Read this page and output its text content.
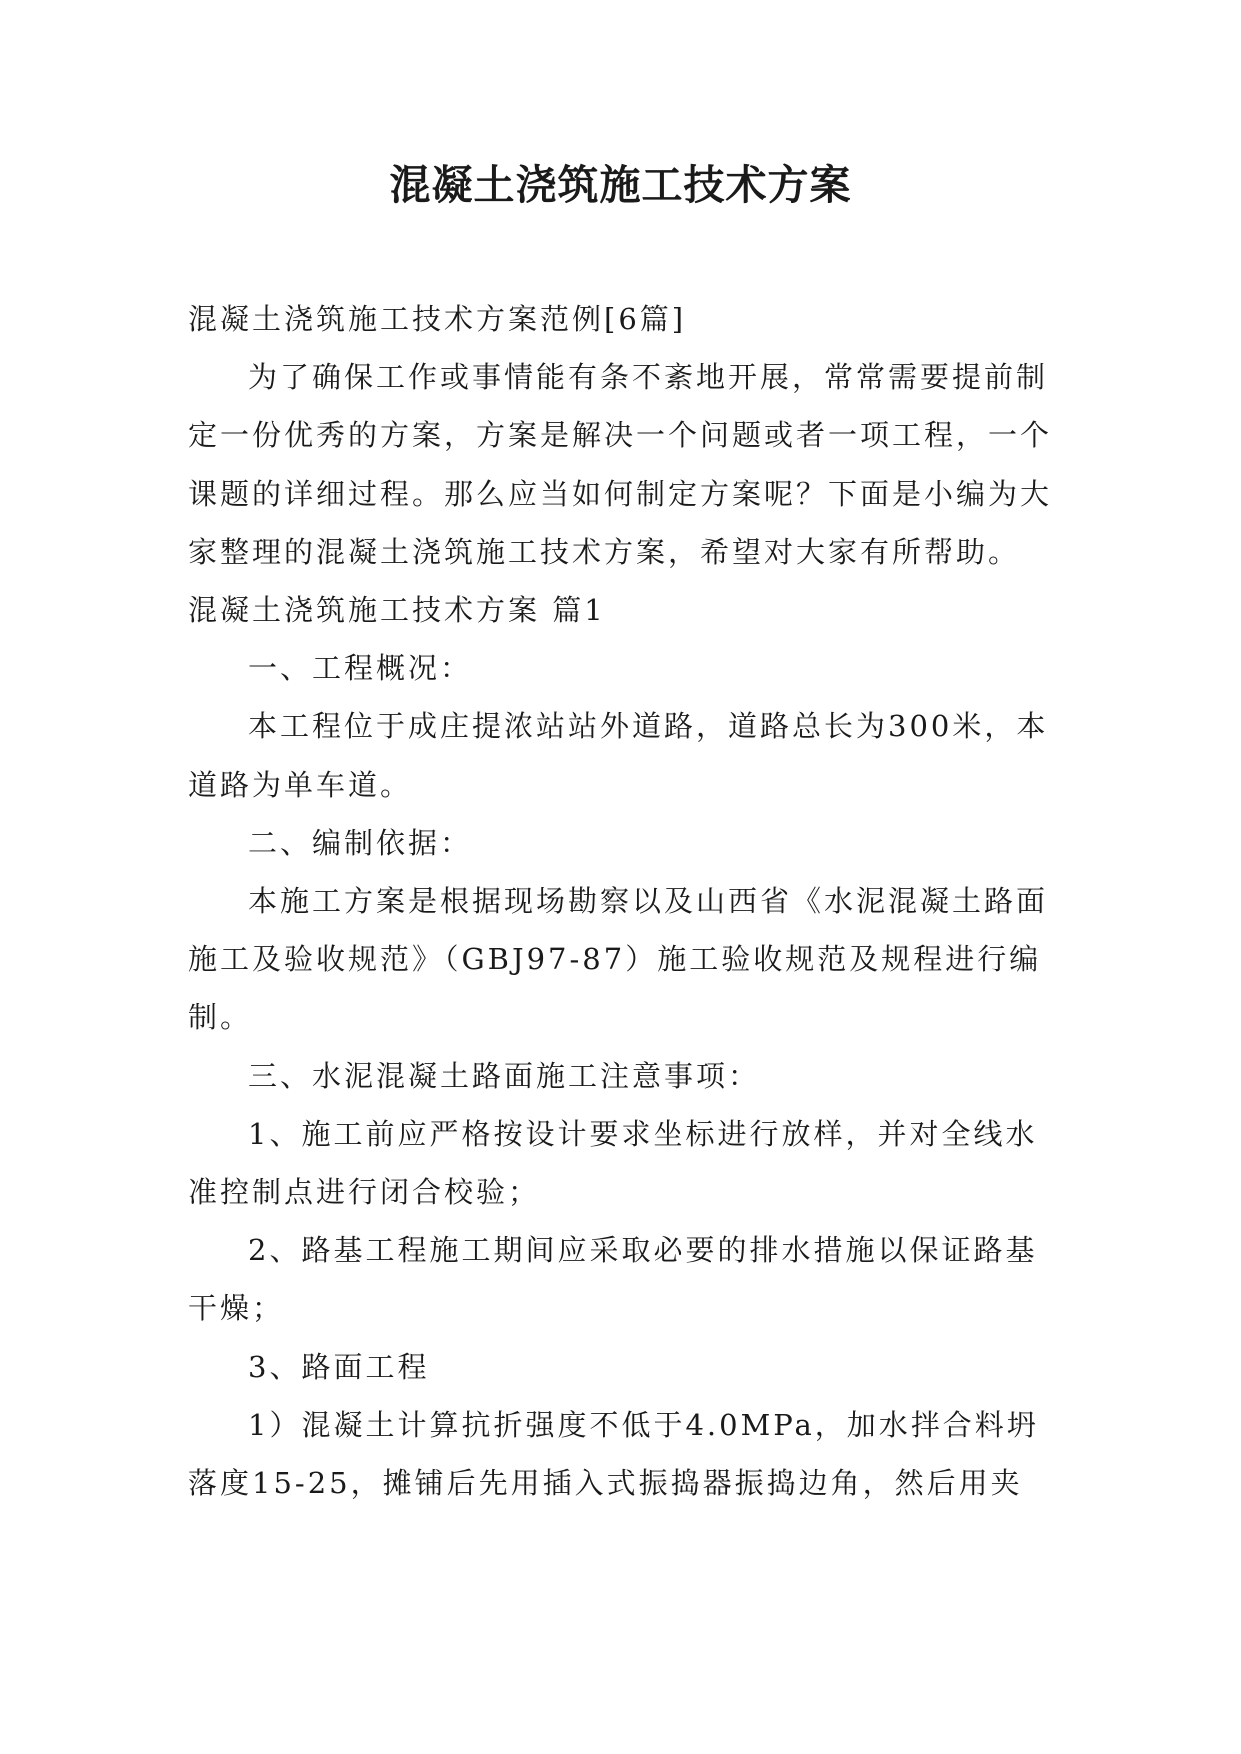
混凝土浇筑施工技术方案

混凝土浇筑施工技术方案范例[6篇]

为了确保工作或事情能有条不紊地开展，常常需要提前制定一份优秀的方案，方案是解决一个问题或者一项工程，一个课题的详细过程。那么应当如何制定方案呢？下面是小编为大家整理的混凝土浇筑施工技术方案，希望对大家有所帮助。

混凝土浇筑施工技术方案 篇1

一、工程概况：

本工程位于成庄提浓站站外道路，道路总长为300米，本道路为单车道。

二、编制依据：

本施工方案是根据现场勘察以及山西省《水泥混凝土路面施工及验收规范》（GBJ97-87）施工验收规范及规程进行编制。

三、水泥混凝土路面施工注意事项：

1、施工前应严格按设计要求坐标进行放样，并对全线水准控制点进行闭合校验；

2、路基工程施工期间应采取必要的排水措施以保证路基干燥；

3、路面工程

1）混凝土计算抗折强度不低于4.0MPa，加水拌合料坍落度15-25，摊铺后先用插入式振捣器振捣边角，然后用夹
